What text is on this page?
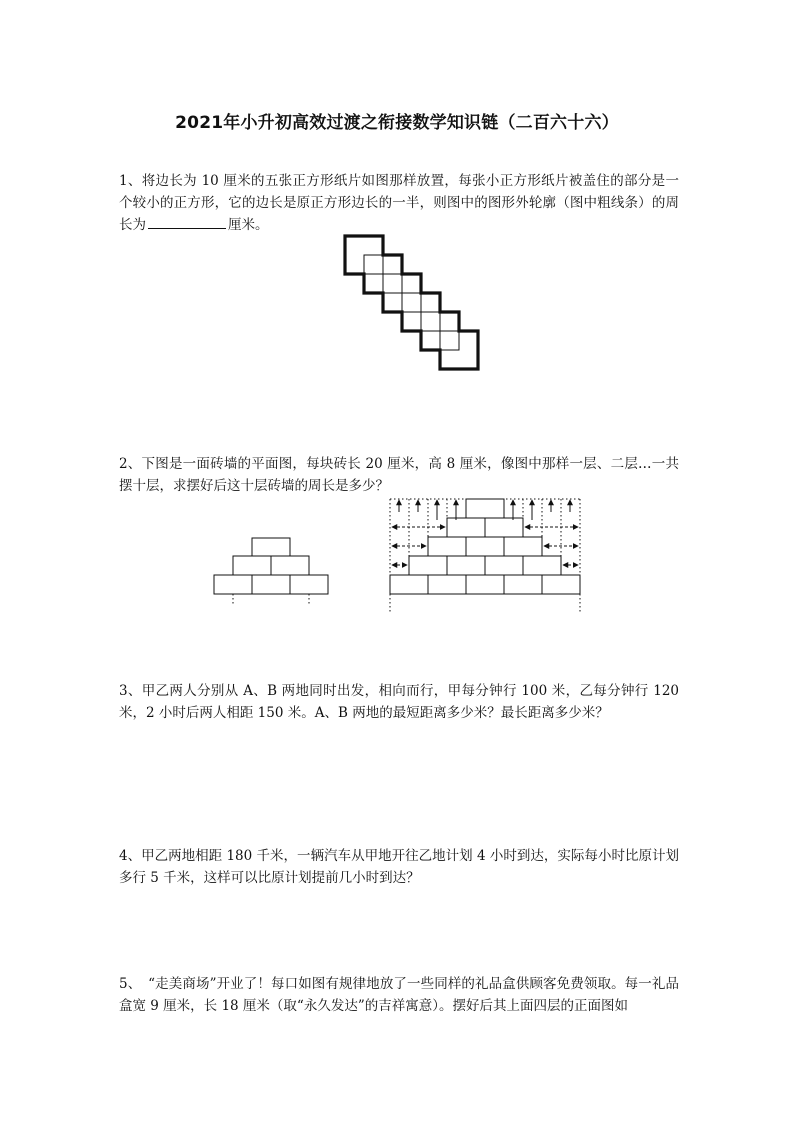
2021年小升初高效过渡之衔接数学知识链（二百六十六）
1、将边长为 10 厘米的五张正方形纸片如图那样放置，每张小正方形纸片被盖住的部分是一个较小的正方形，它的边长是原正方形边长的一半，则图中的图形外轮廓（图中粗线条）的周长为	厘米。
2、下图是一面砖墙的平面图，每块砖长 20 厘米，高 8 厘米，像图中那样一层、二层…一共摆十层，求摆好后这十层砖墙的周长是多少？
3、甲乙两人分别从 A、B 两地同时出发，相向而行，甲每分钟行 100 米，乙每分钟行 120 米，2 小时后两人相距 150 米。A、B 两地的最短距离多少米？最长距离多少米？
4、甲乙两地相距 180 千米，一辆汽车从甲地开往乙地计划 4 小时到达，实际每小时比原计划多行 5 千米，这样可以比原计划提前几小时到达？
5、　“走美商场”开业了！每口如图有规律地放了一些同样的礼品盒供顾客免费领取。每一礼品盒宽 9 厘米，长 18 厘米（取“永久发达”的吉祥寓意）。摆好后其上面四层的正面图如
